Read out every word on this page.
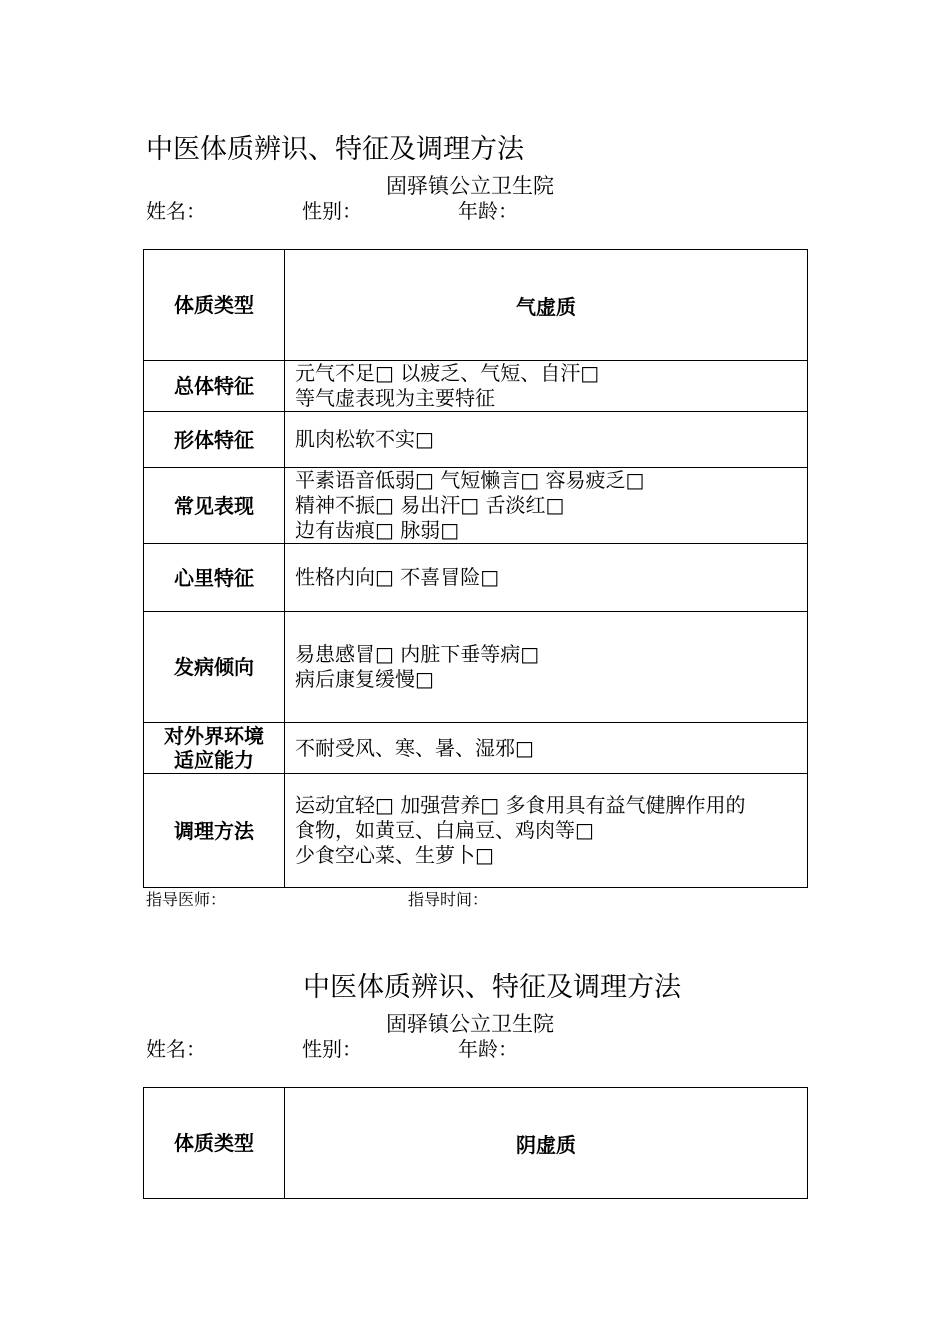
中医体质辨识、特征及调理方法
固驿镇公立卫生院
姓名：	性别：	年龄：
体质类型	气虚质
总体特征	元气不足□ 以疲乏、气短、自汗□
等气虚表现为主要特征

形体特征	肌肉松软不实□

常见表现	平素语音低弱□ 气短懒言□ 容易疲乏□
精神不振□ 易出汗□ 舌淡红□
边有齿痕□ 脉弱□

心里特征	性格内向□ 不喜冒险□

发病倾向	易患感冒□ 内脏下垂等病□
病后康复缓慢□

对外界环境
适应能力	不耐受风、寒、暑、湿邪□

调理方法	运动宜轻□ 加强营养□ 多食用具有益气健脾作用的
食物，如黄豆、白扁豆、鸡肉等□
少食空心菜、生萝卜□
指导医师：	指导时间：
中医体质辨识、特征及调理方法
固驿镇公立卫生院
姓名：	性别：	年龄：
体质类型	阴虚质
